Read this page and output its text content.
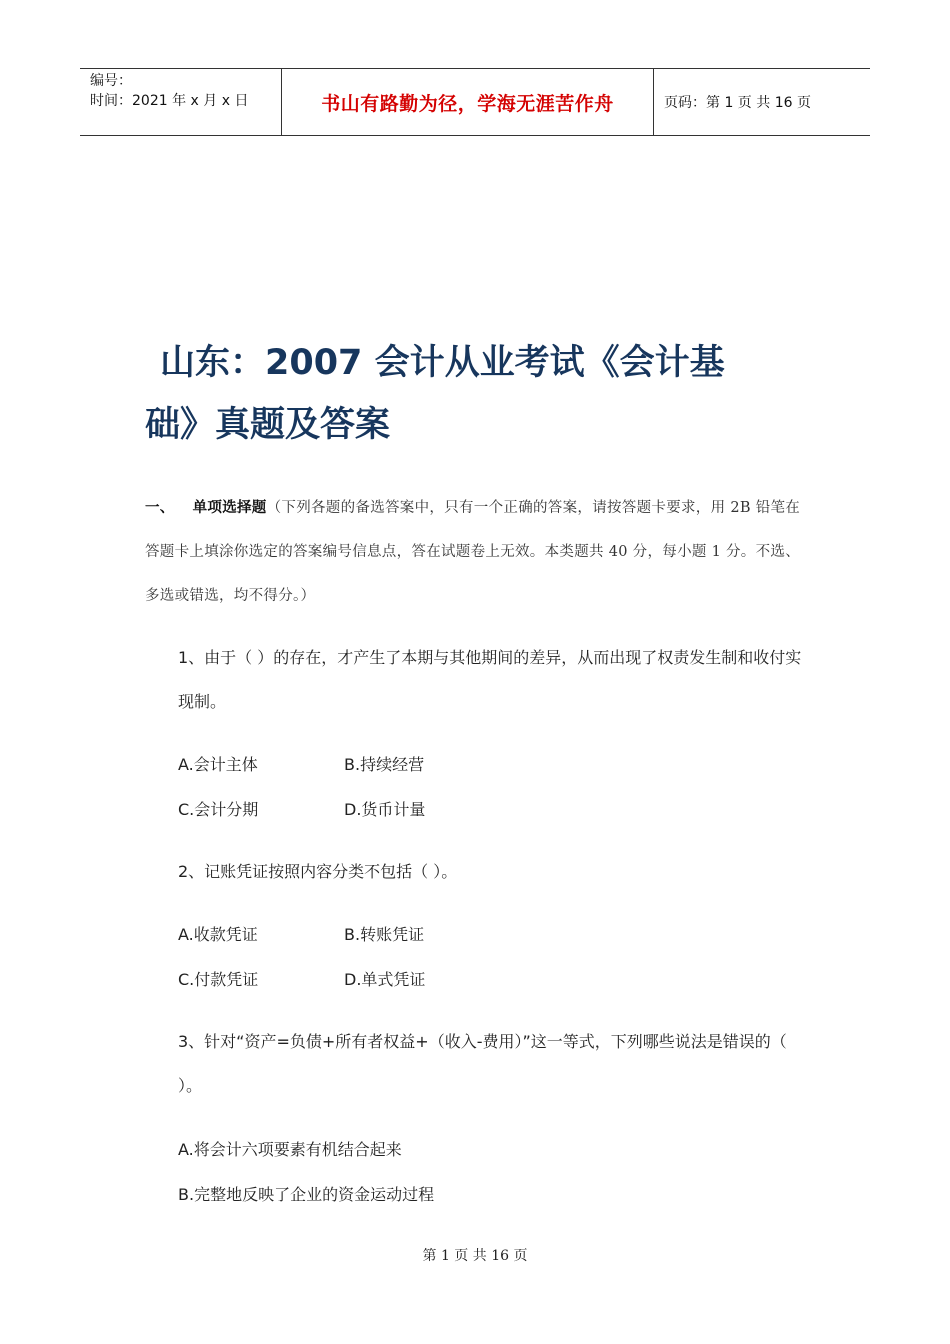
编号：
时间：2021 年 x 月 x 日	书山有路勤为径，学海无涯苦作舟	页码：第 1 页 共 16 页
山东：2007 会计从业考试《会计基
础》真题及答案
一、 单项选择题（下列各题的备选答案中，只有一个正确的答案，请按答题卡要求，用 2B 铅笔在答题卡上填涂你选定的答案编号信息点，答在试题卷上无效。本类题共 40 分，每小题 1 分。不选、多选或错选，均不得分。）
1、由于（ ）的存在，才产生了本期与其他期间的差异，从而出现了权责发生制和收付实现制。
A.会计主体	B.持续经营
C.会计分期	D.货币计量
2、记账凭证按照内容分类不包括（ ）。
A.收款凭证	B.转账凭证
C.付款凭证	D.单式凭证
3、针对“资产=负债+所有者权益+（收入-费用）”这一等式，下列哪些说法是错误的（ ）。
A.将会计六项要素有机结合起来
B.完整地反映了企业的资金运动过程
第 1 页 共 16 页
